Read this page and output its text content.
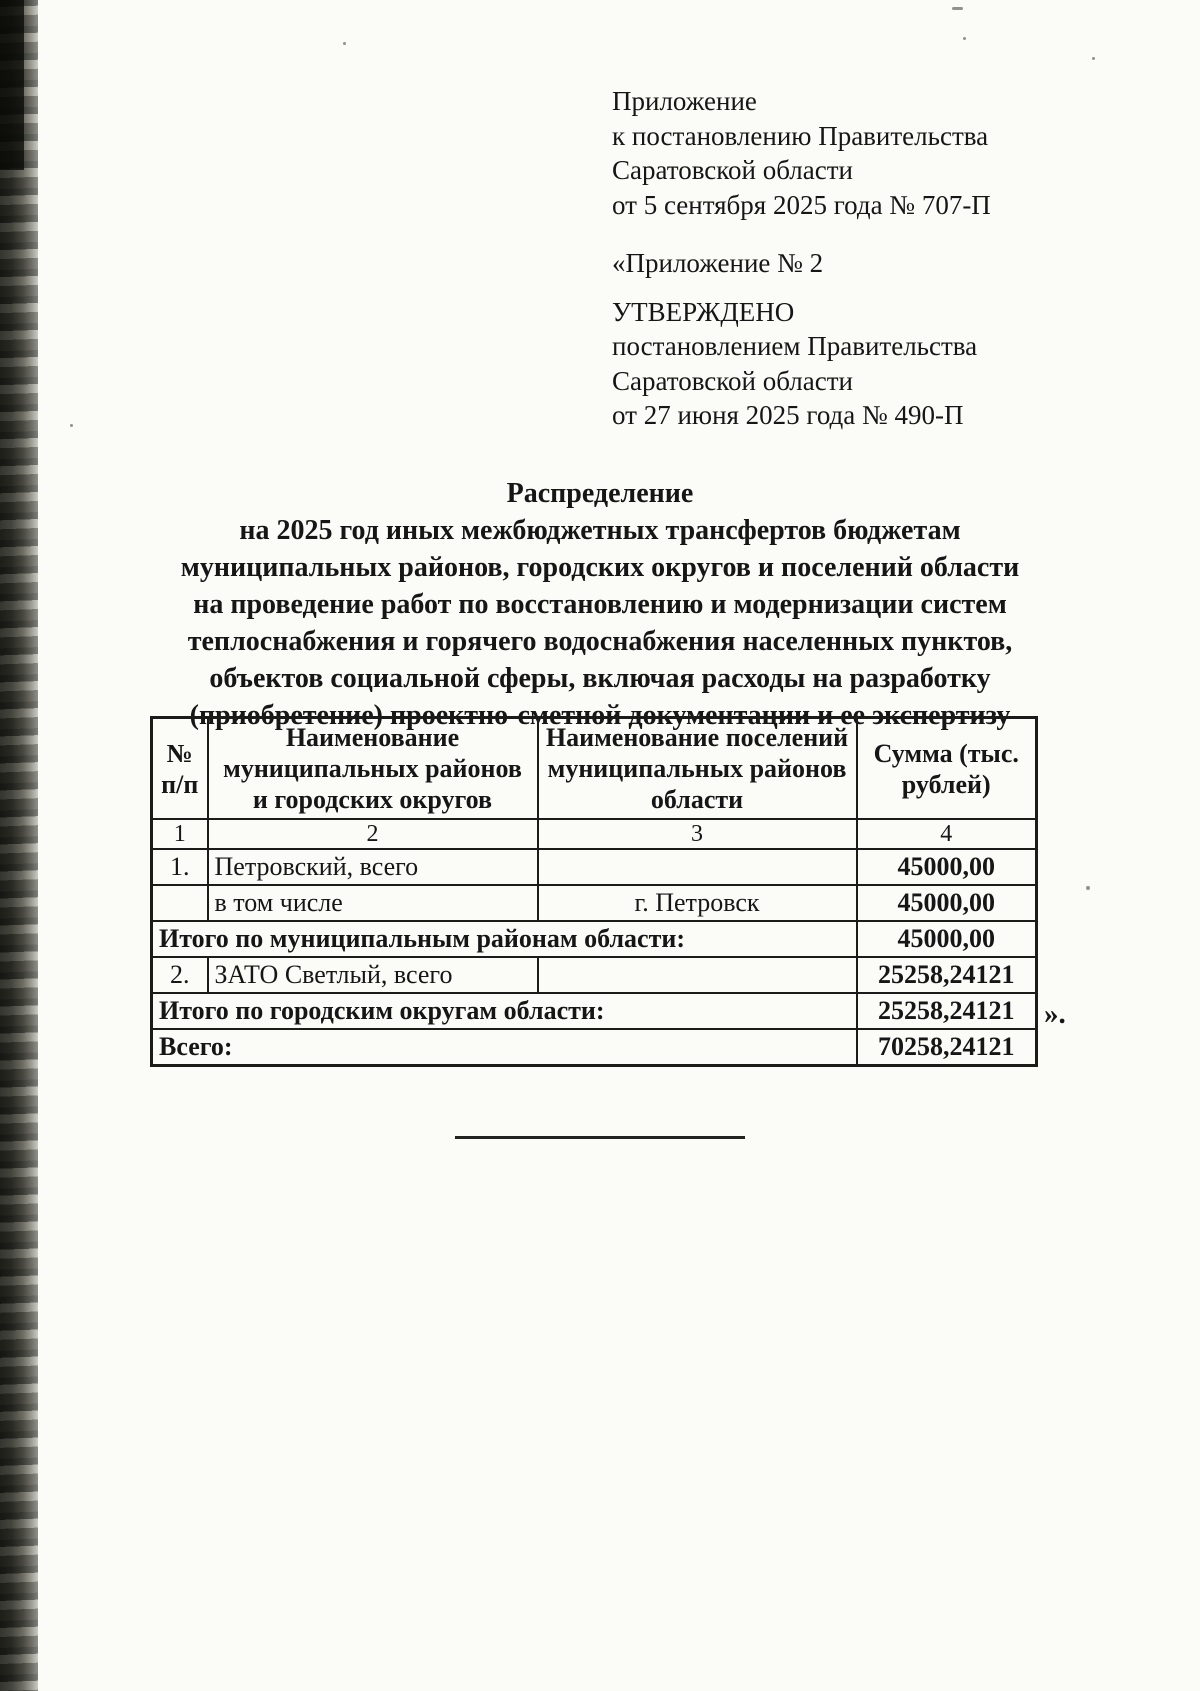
Приложение
к постановлению Правительства
Саратовской области
от 5 сентября 2025 года № 707-П
«Приложение № 2
УТВЕРЖДЕНО
постановлением Правительства
Саратовской области
от 27 июня 2025 года № 490-П
Распределение
на 2025 год иных межбюджетных трансфертов бюджетам
муниципальных районов, городских округов и поселений области
на проведение работ по восстановлению и модернизации систем
теплоснабжения и горячего водоснабжения населенных пунктов,
объектов социальной сферы, включая расходы на разработку
(приобретение) проектно-сметной документации и ее экспертизу
№ п/п	Наименование муниципальных районов и городских округов	Наименование поселений муниципальных районов области	Сумма (тыс. рублей)
1	2	3	4
1.	Петровский, всего		45000,00
	в том числе	г. Петровск	45000,00
Итого по муниципальным районам области:			45000,00
2.	ЗАТО Светлый, всего		25258,24121
Итого по городским округам области:			25258,24121
Всего:			70258,24121
».
